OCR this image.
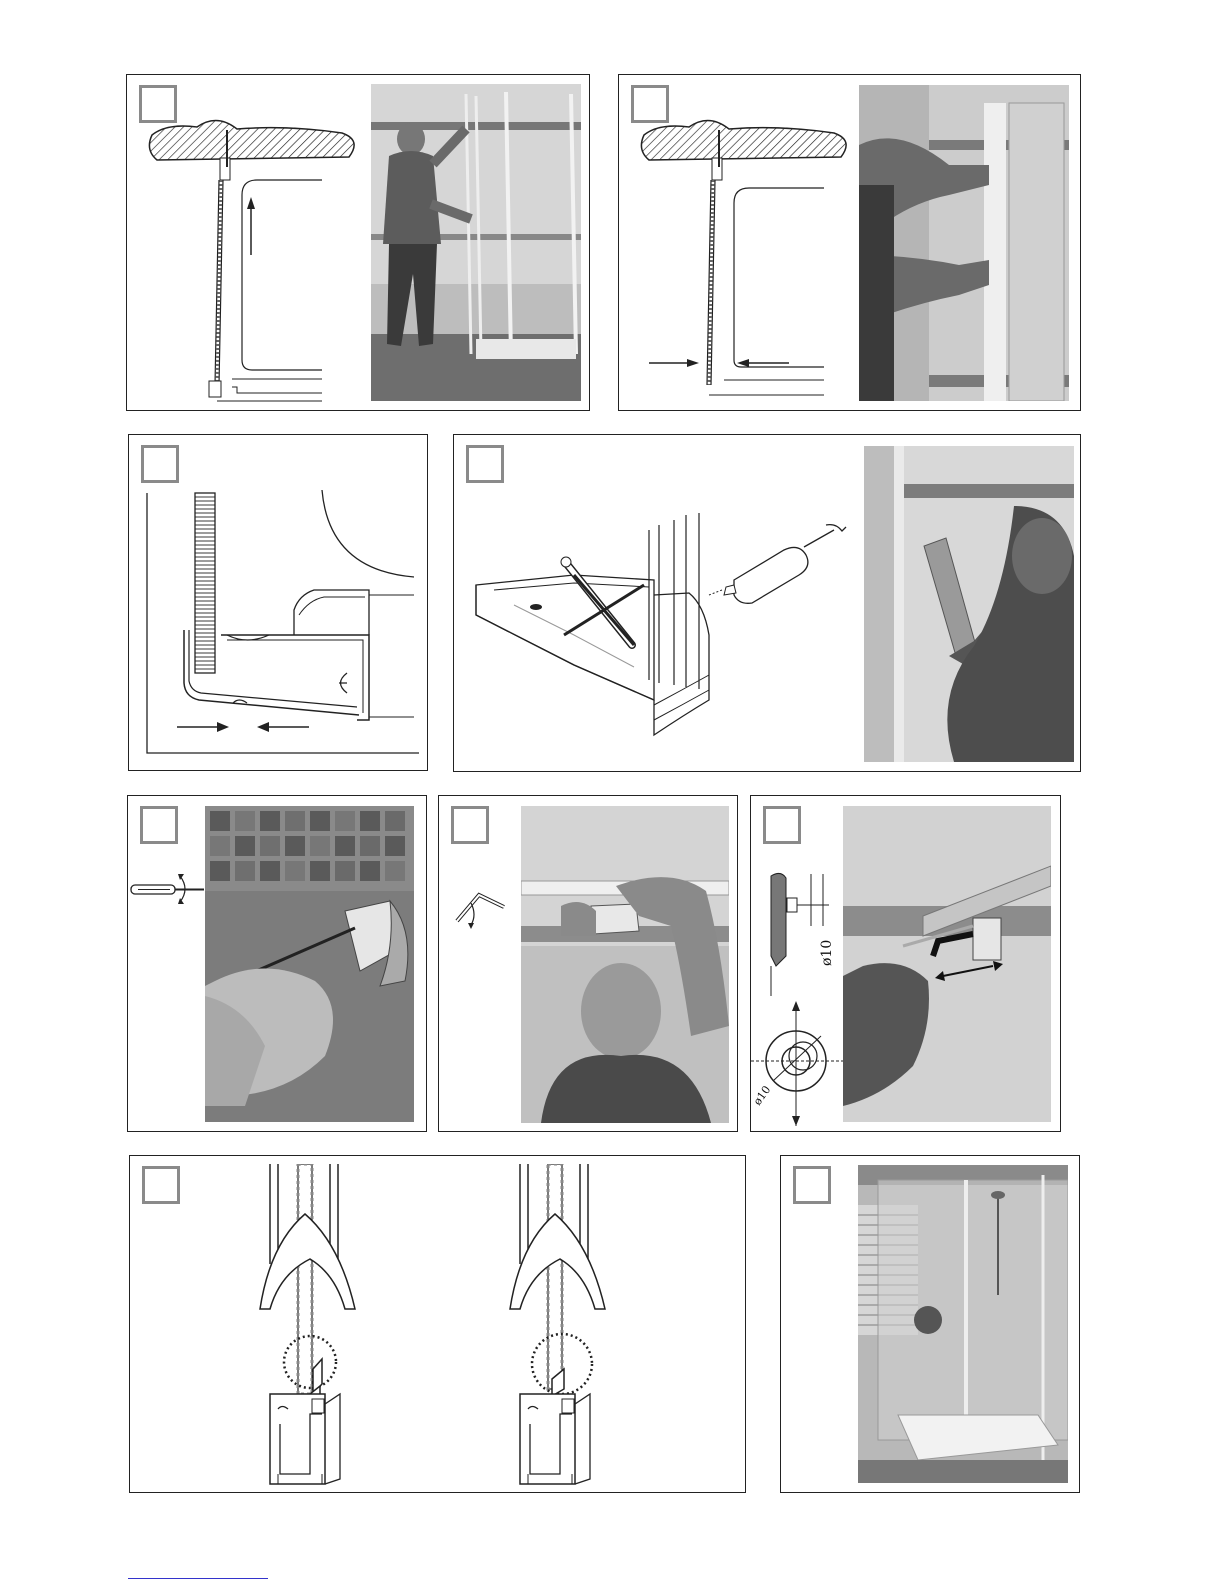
ø10
ø10
